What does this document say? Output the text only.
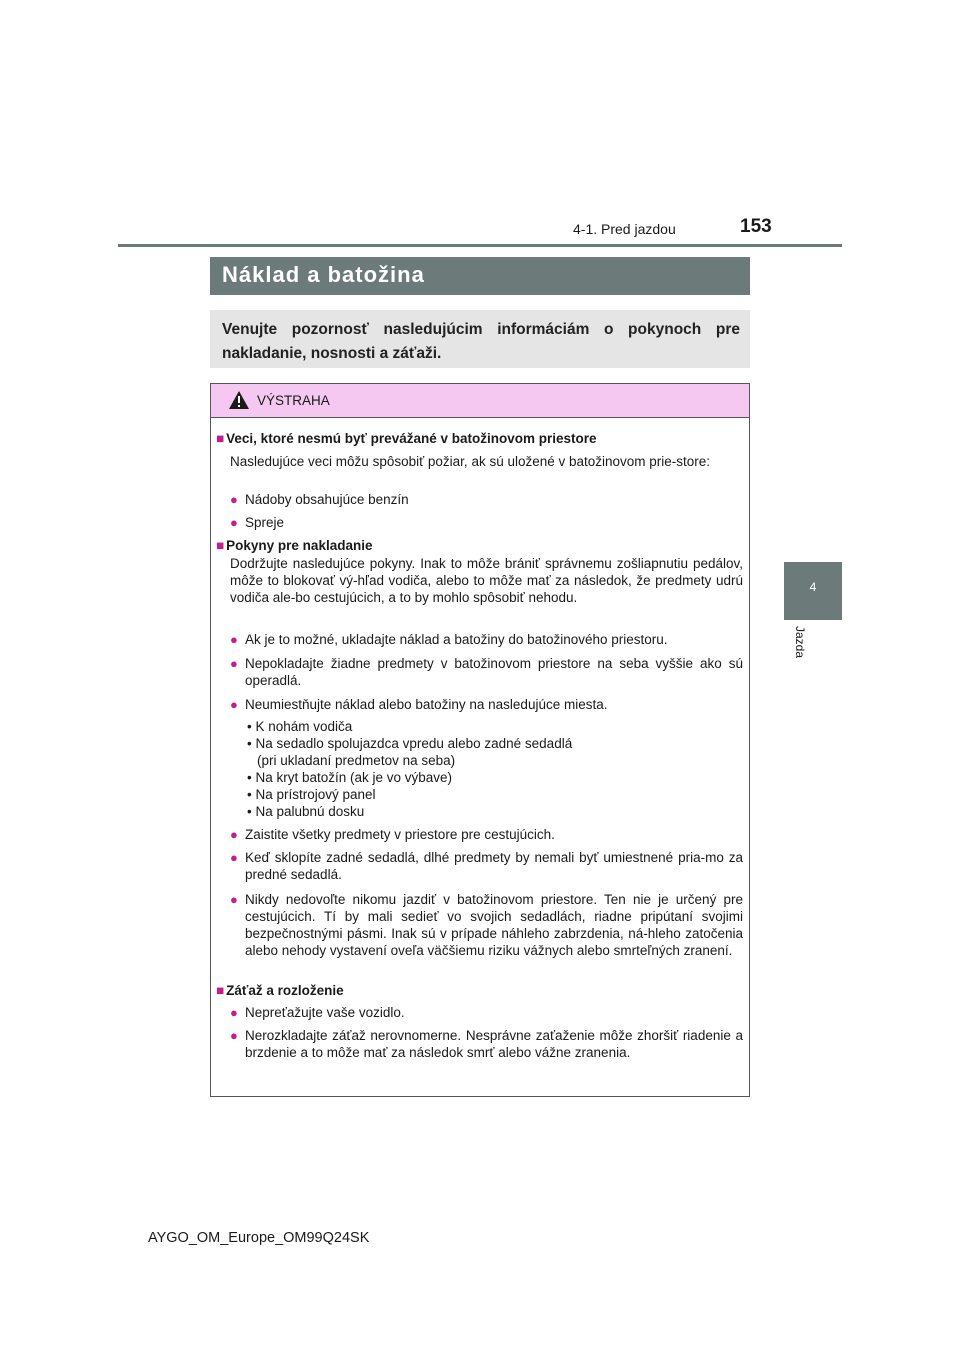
4-1. Pred jazdou	153
4
Jazda
Náklad a batožina
Venujte pozornosť nasledujúcim informáciám o pokynoch pre nakladanie, nosnosti a záťaži.
VÝSTRAHA
■ Veci, ktoré nesmú byť prevážané v batožinovom priestore
Nasledujúce veci môžu spôsobiť požiar, ak sú uložené v batožinovom prie-store:
● Nádoby obsahujúce benzín
● Spreje
■ Pokyny pre nakladanie
Dodržujte nasledujúce pokyny. Inak to môže brániť správnemu zošliapnutiu pedálov, môže to blokovať vý-hľad vodiča, alebo to môže mať za následok, že predmety udrú vodiča ale-bo cestujúcich, a to by mohlo spôsobiť nehodu.
● Ak je to možné, ukladajte náklad a batožiny do batožinového priestoru.
● Nepokladajte žiadne predmety v batožinovom priestore na seba vyššie ako sú operadlá.
● Neumiestňujte náklad alebo batožiny na nasledujúce miesta.
• K nohám vodiča
• Na sedadlo spolujazdca vpredu alebo zadné sedadlá
(pri ukladaní predmetov na seba)
• Na kryt batožín (ak je vo výbave)
• Na prístrojový panel
• Na palubnú dosku
● Zaistite všetky predmety v priestore pre cestujúcich.
● Keď sklopíte zadné sedadlá, dlhé predmety by nemali byť umiestnené pria-mo za predné sedadlá.
● Nikdy nedovoľte nikomu jazdiť v batožinovom priestore. Ten nie je určený pre cestujúcich. Tí by mali sedieť vo svojich sedadlách, riadne pripútaní svojimi bezpečnostnými pásmi. Inak sú v prípade náhleho zabrzdenia, ná-hleho zatočenia alebo nehody vystavení oveľa väčšiemu riziku vážnych alebo smrteľných zranení.
■ Záťaž a rozloženie
● Nepreťažujte vaše vozidlo.
● Nerozkladajte záťaž nerovnomerne. Nesprávne zaťaženie môže zhoršiť riadenie a brzdenie a to môže mať za následok smrť alebo vážne zranenia.
AYGO_OM_Europe_OM99Q24SK
